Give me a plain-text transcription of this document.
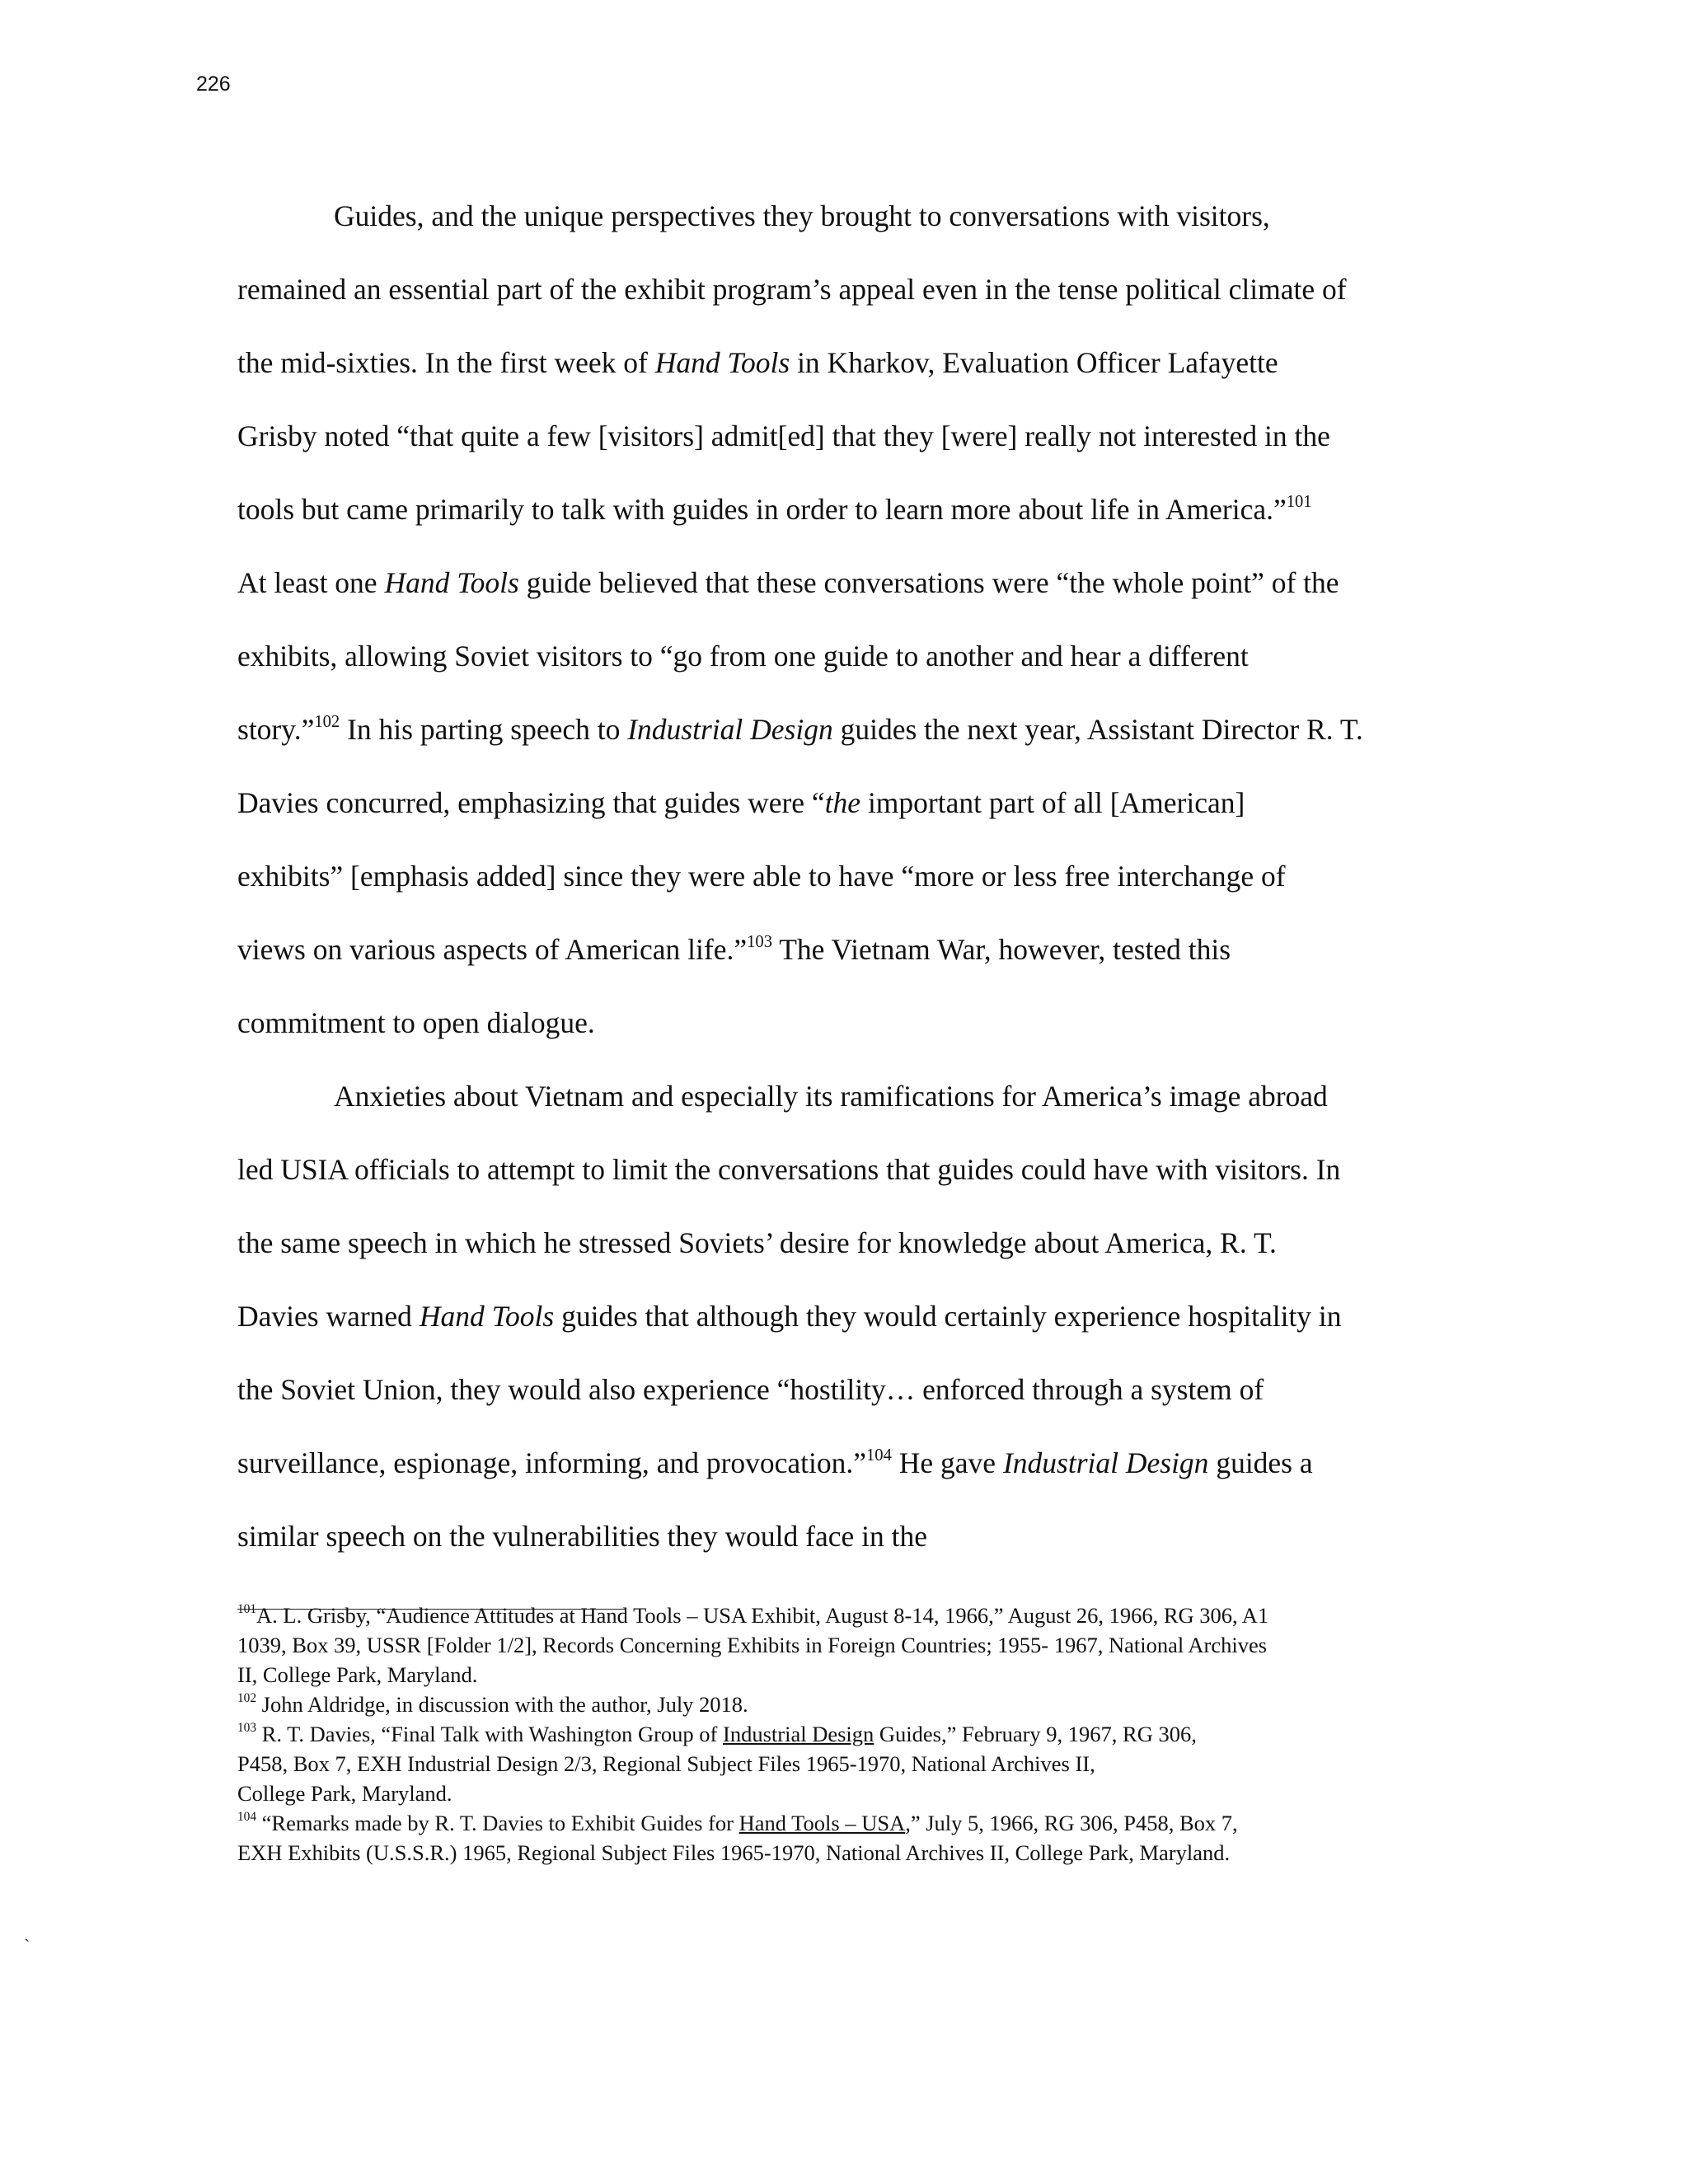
226
Guides, and the unique perspectives they brought to conversations with visitors,
remained an essential part of the exhibit program’s appeal even in the tense political climate of
the mid-sixties. In the first week of Hand Tools in Kharkov, Evaluation Officer Lafayette
Grisby noted “that quite a few [visitors] admit[ed] that they [were] really not interested in the
tools but came primarily to talk with guides in order to learn more about life in America.”$^{101}$
At least one Hand Tools guide believed that these conversations were “the whole point” of the
exhibits, allowing Soviet visitors to “go from one guide to another and hear a different
story.”$^{102}$ In his parting speech to Industrial Design guides the next year, Assistant Director R. T.
Davies concurred, emphasizing that guides were “the important part of all [American]
exhibits” [emphasis added] since they were able to have “more or less free interchange of
views on various aspects of American life.”$^{103}$ The Vietnam War, however, tested this
commitment to open dialogue.
Anxieties about Vietnam and especially its ramifications for America’s image abroad
led USIA officials to attempt to limit the conversations that guides could have with visitors. In
the same speech in which he stressed Soviets’ desire for knowledge about America, R. T.
Davies warned Hand Tools guides that although they would certainly experience hospitality in
the Soviet Union, they would also experience “hostility… enforced through a system of
surveillance, espionage, informing, and provocation.”$^{104}$ He gave Industrial Design guides a
similar speech on the vulnerabilities they would face in the
$^{101}$A. L. Grisby, “Audience Attitudes at Hand Tools – USA Exhibit, August 8-14, 1966,” August 26, 1966, RG 306, A1
1039, Box 39, USSR [Folder 1/2], Records Concerning Exhibits in Foreign Countries; 1955- 1967, National Archives
II, College Park, Maryland.
$^{102}$ John Aldridge, in discussion with the author, July 2018.
$^{103}$ R. T. Davies, “Final Talk with Washington Group of Industrial Design Guides,” February 9, 1967, RG 306,
P458, Box 7, EXH Industrial Design 2/3, Regional Subject Files 1965-1970, National Archives II,
College Park, Maryland.
$^{104}$ “Remarks made by R. T. Davies to Exhibit Guides for Hand Tools – USA,” July 5, 1966, RG 306, P458, Box 7,
EXH Exhibits (U.S.S.R.) 1965, Regional Subject Files 1965-1970, National Archives II, College Park, Maryland.
`
